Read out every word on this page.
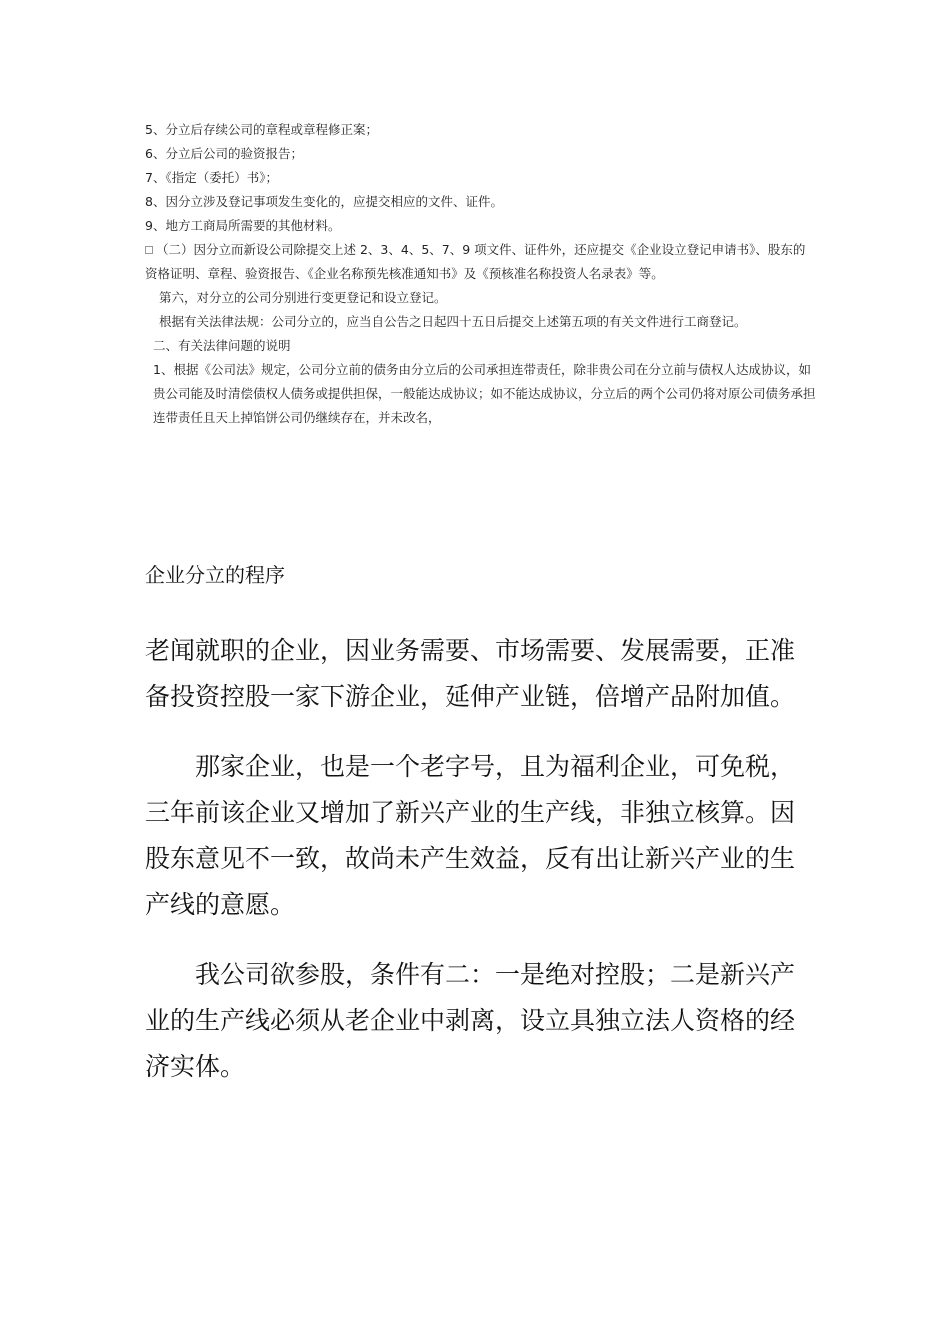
5、分立后存续公司的章程或章程修正案；

6、分立后公司的验资报告；

7、《指定（委托）书》；

8、因分立涉及登记事项发生变化的，应提交相应的文件、证件。

9、地方工商局所需要的其他材料。

（二）因分立而新设公司除提交上述 2、3、4、5、7、9 项文件、证件外，还应提交《企业设立登记申请书》、股东的资格证明、章程、验资报告、《企业名称预先核准通知书》及《预核准名称投资人名录表》等。

第六，对分立的公司分别进行变更登记和设立登记。

根据有关法律法规：公司分立的，应当自公告之日起四十五日后提交上述第五项的有关文件进行工商登记。

二、有关法律问题的说明

1、根据《公司法》规定，公司分立前的债务由分立后的公司承担连带责任，除非贵公司在分立前与债权人达成协议，如贵公司能及时清偿债权人债务或提供担保，一般能达成协议；如不能达成协议，分立后的两个公司仍将对原公司债务承担连带责任且天上掉馅饼公司仍继续存在，并未改名，

企业分立的程序

老闻就职的企业，因业务需要、市场需要、发展需要，正准备投资控股一家下游企业，延伸产业链，倍增产品附加值。

那家企业，也是一个老字号，且为福利企业，可免税，三年前该企业又增加了新兴产业的生产线，非独立核算。因股东意见不一致，故尚未产生效益，反有出让新兴产业的生产线的意愿。

我公司欲参股，条件有二：一是绝对控股；二是新兴产业的生产线必须从老企业中剥离，设立具独立法人资格的经济实体。
